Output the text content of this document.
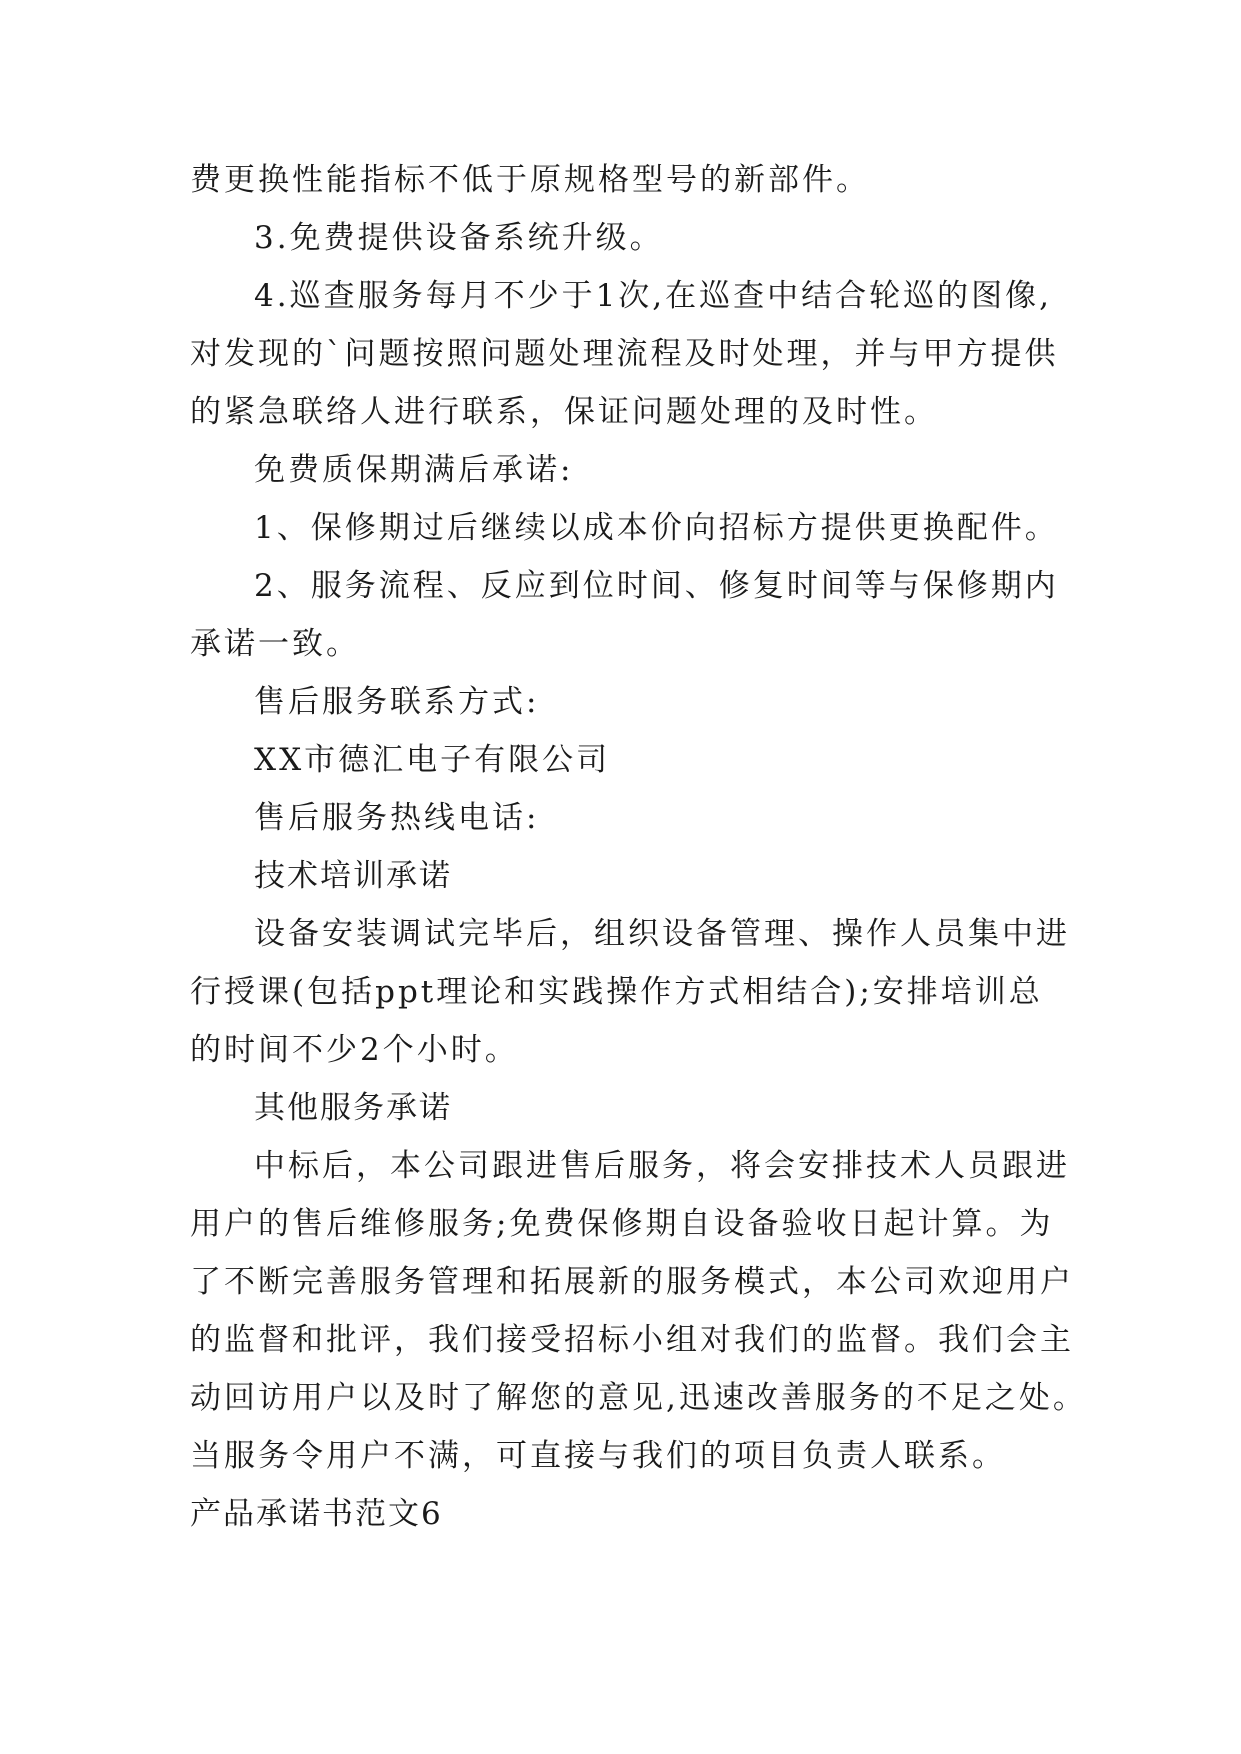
费更换性能指标不低于原规格型号的新部件。
3.免费提供设备系统升级。
4.巡查服务每月不少于1次,在巡查中结合轮巡的图像,
对发现的`问题按照问题处理流程及时处理，并与甲方提供
的紧急联络人进行联系，保证问题处理的及时性。
免费质保期满后承诺:
1、保修期过后继续以成本价向招标方提供更换配件。
2、服务流程、反应到位时间、修复时间等与保修期内
承诺一致。
售后服务联系方式:
XX市德汇电子有限公司
售后服务热线电话:
技术培训承诺
设备安装调试完毕后，组织设备管理、操作人员集中进
行授课(包括ppt理论和实践操作方式相结合);安排培训总
的时间不少2个小时。
其他服务承诺
中标后，本公司跟进售后服务，将会安排技术人员跟进
用户的售后维修服务;免费保修期自设备验收日起计算。为
了不断完善服务管理和拓展新的服务模式，本公司欢迎用户
的监督和批评，我们接受招标小组对我们的监督。我们会主
动回访用户以及时了解您的意见,迅速改善服务的不足之处。
当服务令用户不满，可直接与我们的项目负责人联系。
产品承诺书范文6
